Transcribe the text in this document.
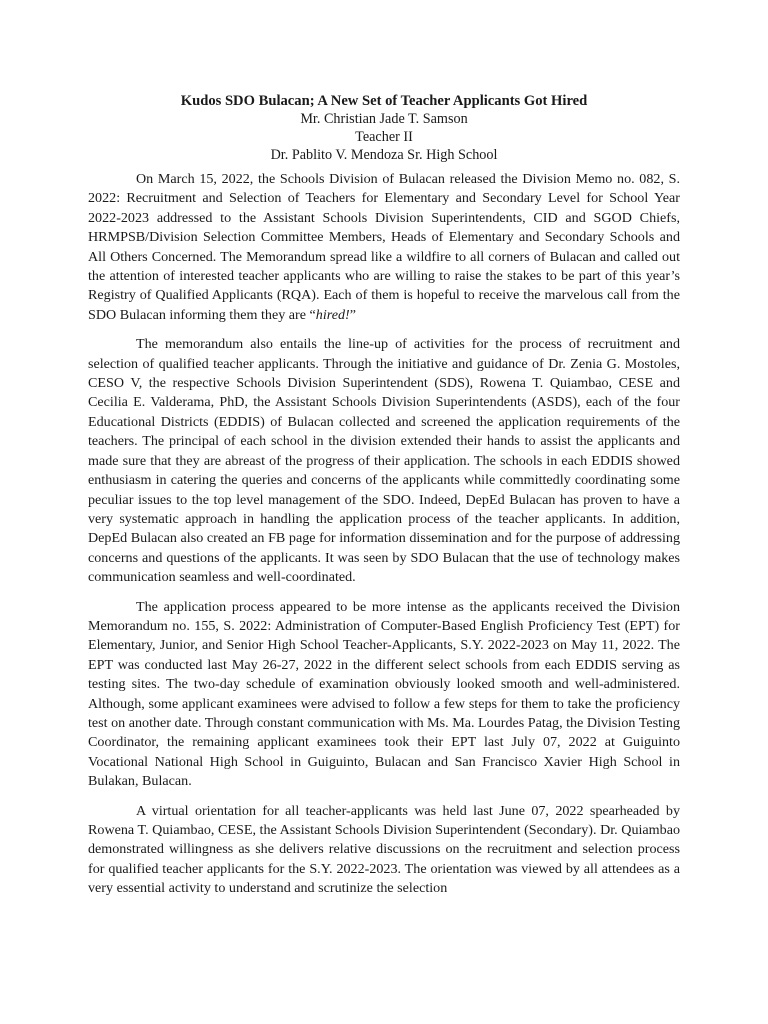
Kudos SDO Bulacan; A New Set of Teacher Applicants Got Hired
Mr. Christian Jade T. Samson
Teacher II
Dr. Pablito V. Mendoza Sr. High School

On March 15, 2022, the Schools Division of Bulacan released the Division Memo no. 082, S. 2022: Recruitment and Selection of Teachers for Elementary and Secondary Level for School Year 2022-2023 addressed to the Assistant Schools Division Superintendents, CID and SGOD Chiefs, HRMPSB/Division Selection Committee Members, Heads of Elementary and Secondary Schools and All Others Concerned. The Memorandum spread like a wildfire to all corners of Bulacan and called out the attention of interested teacher applicants who are willing to raise the stakes to be part of this year’s Registry of Qualified Applicants (RQA). Each of them is hopeful to receive the marvelous call from the SDO Bulacan informing them they are “hired!”

The memorandum also entails the line-up of activities for the process of recruitment and selection of qualified teacher applicants. Through the initiative and guidance of Dr. Zenia G. Mostoles, CESO V, the respective Schools Division Superintendent (SDS), Rowena T. Quiambao, CESE and Cecilia E. Valderama, PhD, the Assistant Schools Division Superintendents (ASDS), each of the four Educational Districts (EDDIS) of Bulacan collected and screened the application requirements of the teachers. The principal of each school in the division extended their hands to assist the applicants and made sure that they are abreast of the progress of their application. The schools in each EDDIS showed enthusiasm in catering the queries and concerns of the applicants while committedly coordinating some peculiar issues to the top level management of the SDO. Indeed, DepEd Bulacan has proven to have a very systematic approach in handling the application process of the teacher applicants. In addition, DepEd Bulacan also created an FB page for information dissemination and for the purpose of addressing concerns and questions of the applicants. It was seen by SDO Bulacan that the use of technology makes communication seamless and well-coordinated.

The application process appeared to be more intense as the applicants received the Division Memorandum no. 155, S. 2022: Administration of Computer-Based English Proficiency Test (EPT) for Elementary, Junior, and Senior High School Teacher-Applicants, S.Y. 2022-2023 on May 11, 2022. The EPT was conducted last May 26-27, 2022 in the different select schools from each EDDIS serving as testing sites. The two-day schedule of examination obviously looked smooth and well-administered. Although, some applicant examinees were advised to follow a few steps for them to take the proficiency test on another date. Through constant communication with Ms. Ma. Lourdes Patag, the Division Testing Coordinator, the remaining applicant examinees took their EPT last July 07, 2022 at Guiguinto Vocational National High School in Guiguinto, Bulacan and San Francisco Xavier High School in Bulakan, Bulacan.

A virtual orientation for all teacher-applicants was held last June 07, 2022 spearheaded by Rowena T. Quiambao, CESE, the Assistant Schools Division Superintendent (Secondary). Dr. Quiambao demonstrated willingness as she delivers relative discussions on the recruitment and selection process for qualified teacher applicants for the S.Y. 2022-2023. The orientation was viewed by all attendees as a very essential activity to understand and scrutinize the selection
